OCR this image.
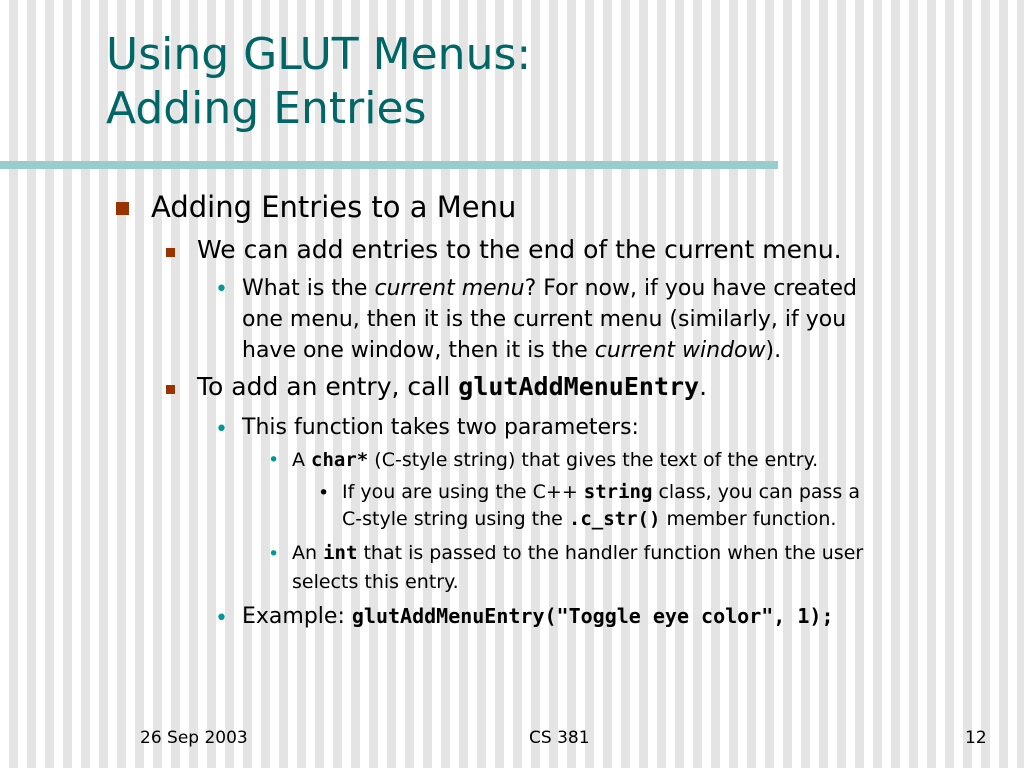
Using GLUT Menus:
Adding Entries
Adding Entries to a Menu
We can add entries to the end of the current menu.
• What is the current menu? For now, if you have created
one menu, then it is the current menu (similarly, if you
have one window, then it is the current window).
To add an entry, call glutAddMenuEntry.
• This function takes two parameters:
• A char* (C-style string) that gives the text of the entry.
• If you are using the C++ string class, you can pass a
C-style string using the .c_str() member function.
• An int that is passed to the handler function when the user
selects this entry.
• Example: glutAddMenuEntry("Toggle eye color", 1);
26 Sep 2003	CS 381	12
